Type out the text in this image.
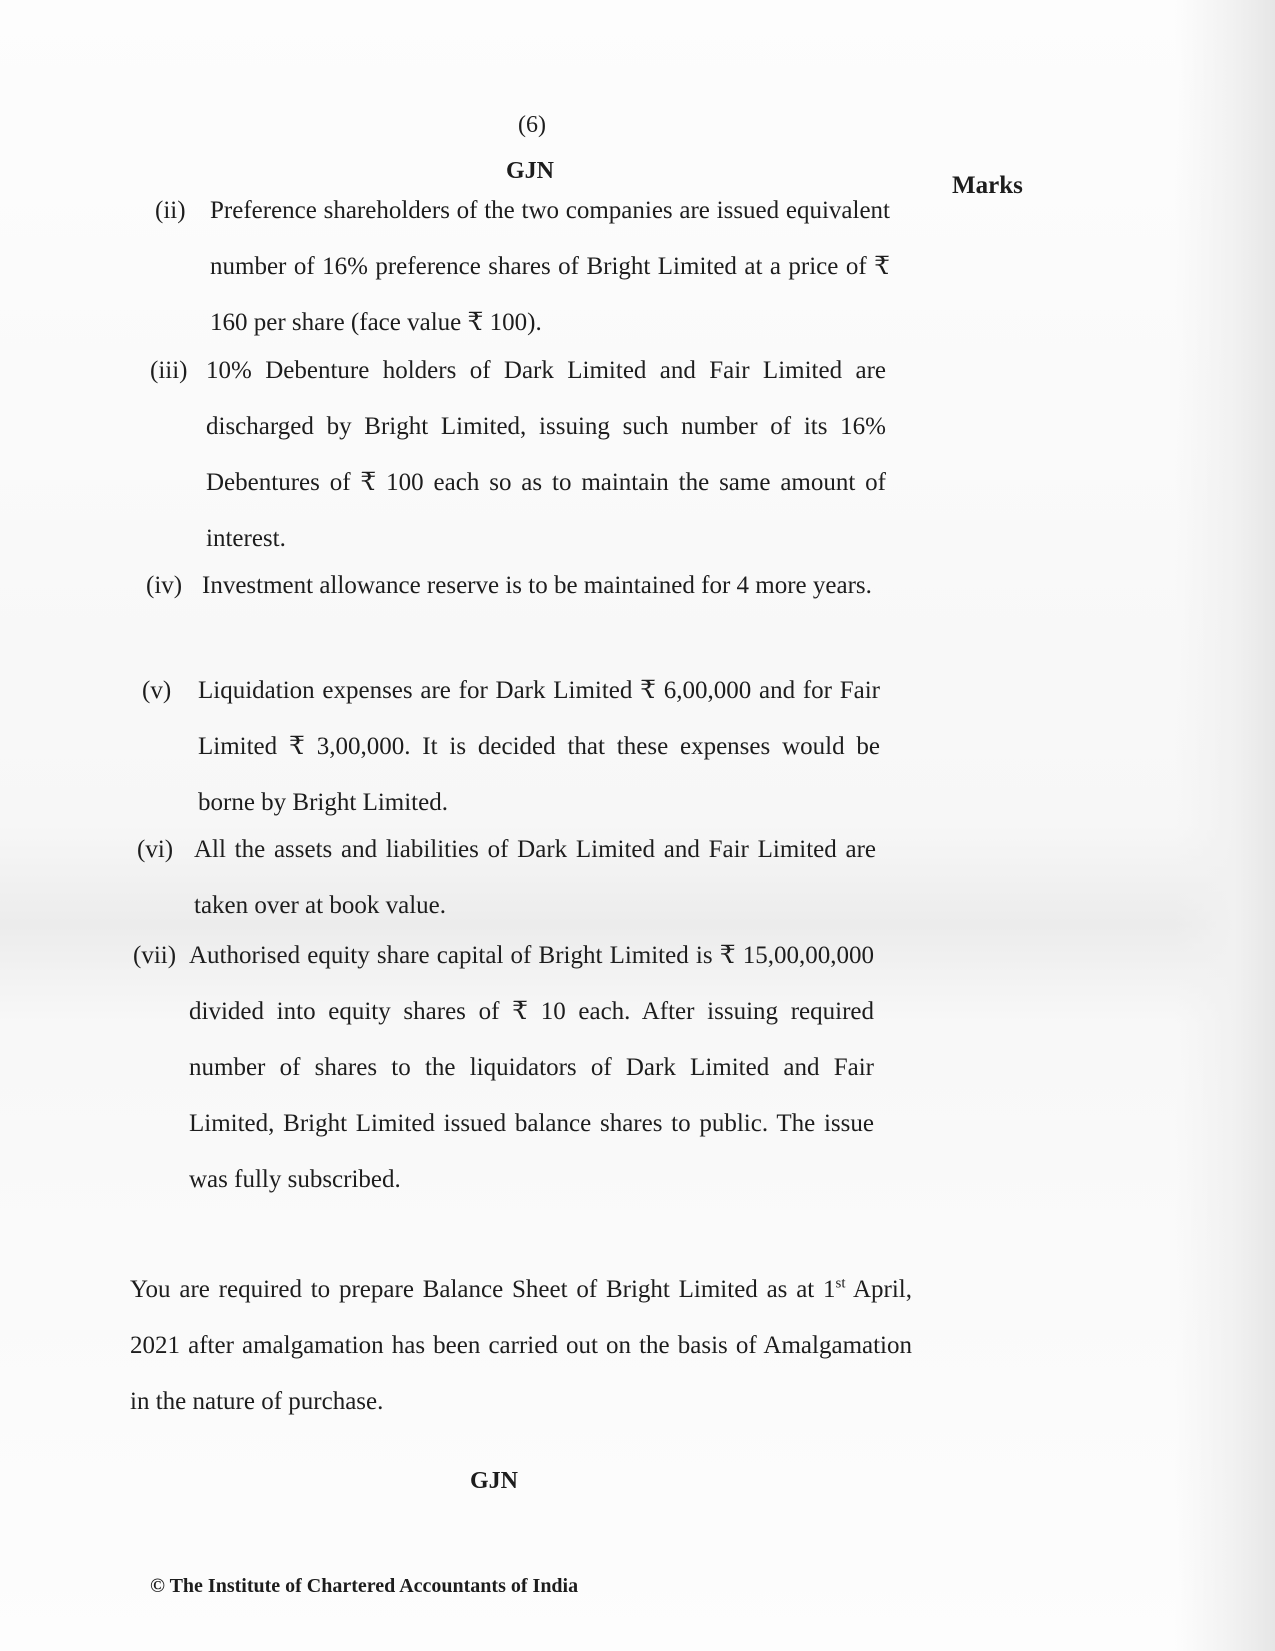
(6)
GJN
Marks
(ii) Preference shareholders of the two companies are issued equivalent number of 16% preference shares of Bright Limited at a price of ₹ 160 per share (face value ₹ 100).
(iii) 10% Debenture holders of Dark Limited and Fair Limited are discharged by Bright Limited, issuing such number of its 16% Debentures of ₹ 100 each so as to maintain the same amount of interest.
(iv) Investment allowance reserve is to be maintained for 4 more years.
(v) Liquidation expenses are for Dark Limited ₹ 6,00,000 and for Fair Limited ₹ 3,00,000. It is decided that these expenses would be borne by Bright Limited.
(vi) All the assets and liabilities of Dark Limited and Fair Limited are taken over at book value.
(vii) Authorised equity share capital of Bright Limited is ₹ 15,00,00,000 divided into equity shares of ₹ 10 each. After issuing required number of shares to the liquidators of Dark Limited and Fair Limited, Bright Limited issued balance shares to public. The issue was fully subscribed.
You are required to prepare Balance Sheet of Bright Limited as at 1st April, 2021 after amalgamation has been carried out on the basis of Amalgamation in the nature of purchase.
GJN
© The Institute of Chartered Accountants of India
